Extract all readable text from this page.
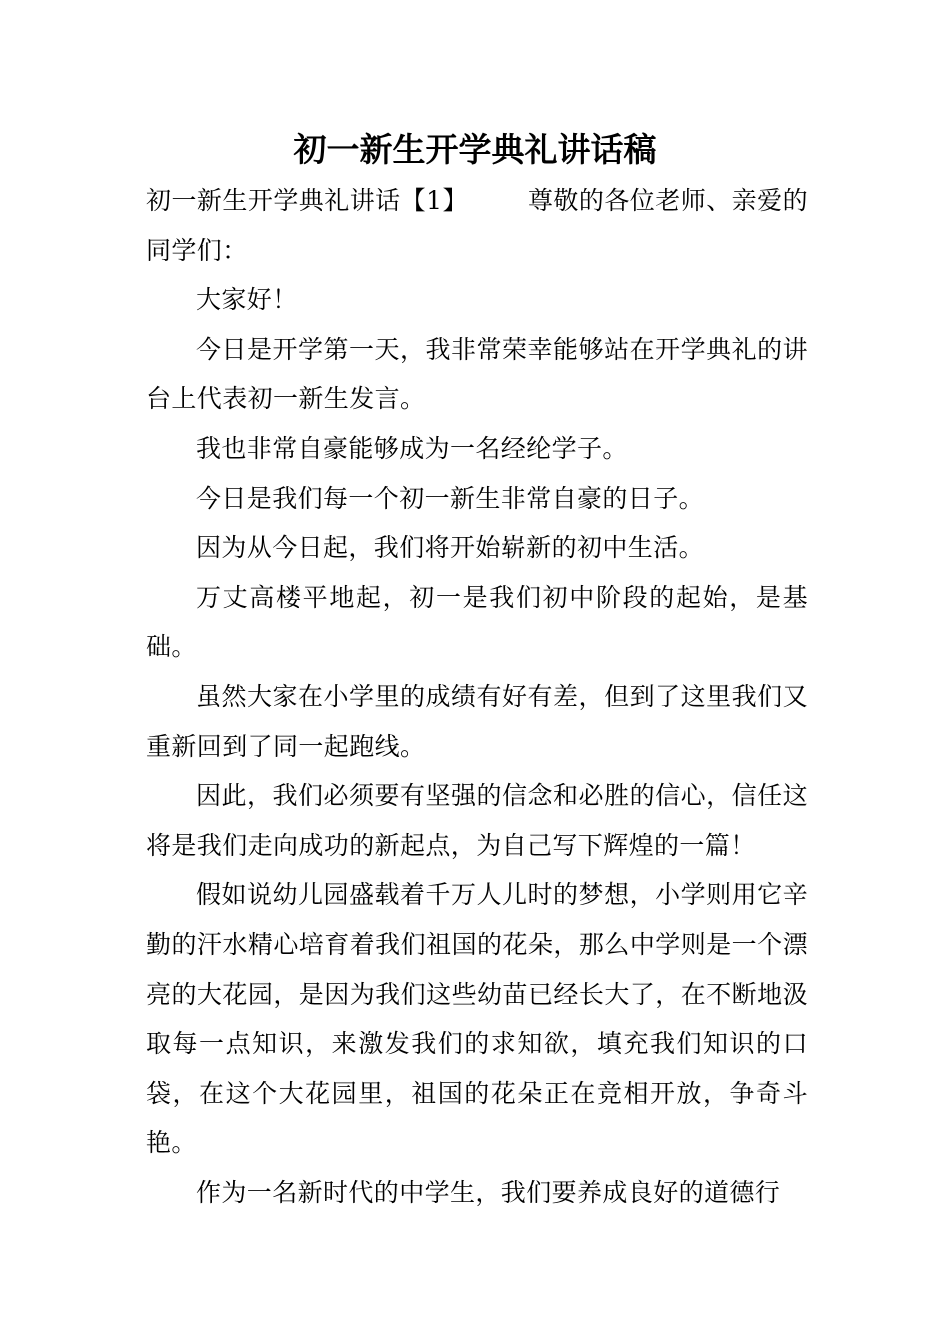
初一新生开学典礼讲话稿

初一新生开学典礼讲话【1】 尊敬的各位老师、亲爱的同学们：

大家好！

今日是开学第一天，我非常荣幸能够站在开学典礼的讲台上代表初一新生发言。

我也非常自豪能够成为一名经纶学子。

今日是我们每一个初一新生非常自豪的日子。

因为从今日起，我们将开始崭新的初中生活。

万丈高楼平地起，初一是我们初中阶段的起始，是基础。

虽然大家在小学里的成绩有好有差，但到了这里我们又重新回到了同一起跑线。

因此，我们必须要有坚强的信念和必胜的信心，信任这将是我们走向成功的新起点，为自己写下辉煌的一篇！

假如说幼儿园盛载着千万人儿时的梦想，小学则用它辛勤的汗水精心培育着我们祖国的花朵，那么中学则是一个漂亮的大花园，是因为我们这些幼苗已经长大了，在不断地汲取每一点知识，来激发我们的求知欲，填充我们知识的口袋，在这个大花园里，祖国的花朵正在竞相开放，争奇斗艳。

作为一名新时代的中学生，我们要养成良好的道德行
